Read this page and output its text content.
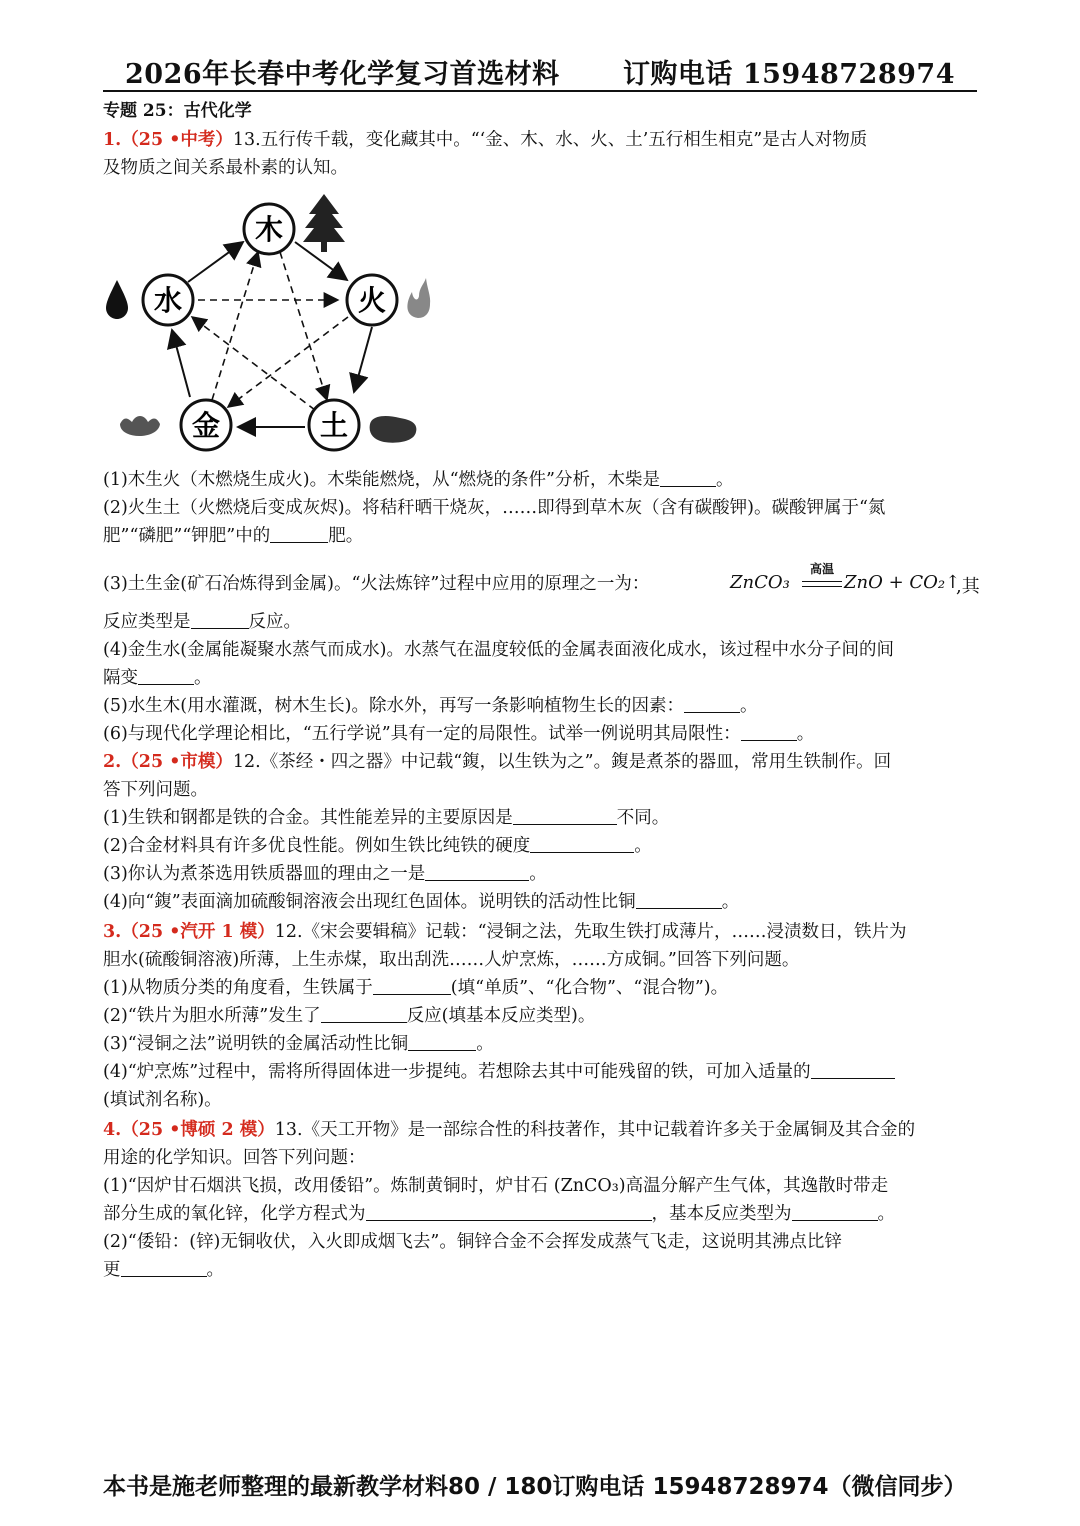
2026年长春中考化学复习首选材料 订购电话 15948728974
专题 25：古代化学
1.（25 •中考）13.五行传千载，变化藏其中。“‘金、木、水、火、土’五行相生相克”是古人对物质
及物质之间关系最朴素的认知。
木
火
土
金
水
(1)木生火（木燃烧生成火)。木柴能燃烧，从“燃烧的条件”分析，木柴是	。
(2)火生土（火燃烧后变成灰烬)。将秸秆晒干烧灰，……即得到草木灰（含有碳酸钾)。碳酸钾属于“氮
肥”“磷肥”“钾肥”中的	肥。
(3)土生金(矿石冶炼得到金属)。“火法炼锌”过程中应用的原理之一为：	ZnCO₃
高温
ZnO + CO₂↑
,其
反应类型是	反应。
(4)金生水(金属能凝聚水蒸气而成水)。水蒸气在温度较低的金属表面液化成水，该过程中水分子间的间
隔变	。
(5)水生木(用水灌溉，树木生长)。除水外，再写一条影响植物生长的因素：	。
(6)与现代化学理论相比，“五行学说”具有一定的局限性。试举一例说明其局限性：	。
2.（25 •市模）12.《茶经・四之器》中记载“鍑，以生铁为之”。鍑是煮茶的器皿，常用生铁制作。回
答下列问题。
(1)生铁和钢都是铁的合金。其性能差异的主要原因是	不同。
(2)合金材料具有许多优良性能。例如生铁比纯铁的硬度	。
(3)你认为煮茶选用铁质器皿的理由之一是	。
(4)向“鍑”表面滴加硫酸铜溶液会出现红色固体。说明铁的活动性比铜	。
3.（25 •汽开 1 模）12.《宋会要辑稿》记载：“浸铜之法，先取生铁打成薄片，……浸渍数日，铁片为
胆水(硫酸铜溶液)所薄，上生赤煤，取出刮洗……人炉烹炼，……方成铜。”回答下列问题。
(1)从物质分类的角度看，生铁属于	(填“单质”、“化合物”、“混合物”)。
(2)“铁片为胆水所薄”发生了	反应(填基本反应类型)。
(3)“浸铜之法”说明铁的金属活动性比铜	。
(4)“炉烹炼”过程中，需将所得固体进一步提纯。若想除去其中可能残留的铁，可加入适量的
(填试剂名称)。
4.（25 •博硕 2 模）13.《天工开物》是一部综合性的科技著作，其中记载着许多关于金属铜及其合金的
用途的化学知识。回答下列问题：
(1)“因炉甘石烟洪飞损，改用倭铅”。炼制黄铜时，炉甘石 (ZnCO₃)高温分解产生气体，其逸散时带走
部分生成的氧化锌，化学方程式为	，基本反应类型为	。
(2)“倭铅：(锌)无铜收伏，入火即成烟飞去”。铜锌合金不会挥发成蒸气飞走，这说明其沸点比锌
更	。
本书是施老师整理的最新教学材料80 / 180订购电话 15948728974（微信同步）
